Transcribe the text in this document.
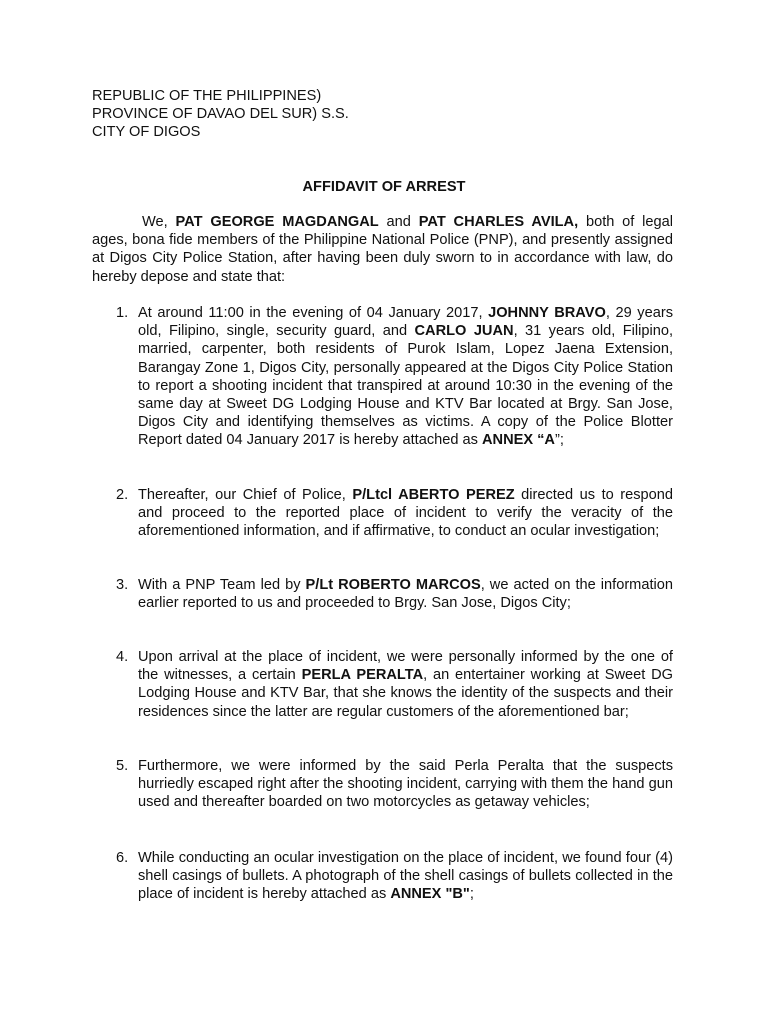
REPUBLIC OF THE PHILIPPINES)
PROVINCE OF DAVAO DEL SUR) S.S.
CITY OF DIGOS
AFFIDAVIT OF ARREST

We, PAT GEORGE MAGDANGAL and PAT CHARLES AVILA, both of legal ages, bona fide members of the Philippine National Police (PNP), and presently assigned at Digos City Police Station, after having been duly sworn to in accordance with law, do hereby depose and state that:

1. At around 11:00 in the evening of 04 January 2017, JOHNNY BRAVO, 29 years old, Filipino, single, security guard, and CARLO JUAN, 31 years old, Filipino, married, carpenter, both residents of Purok Islam, Lopez Jaena Extension, Barangay Zone 1, Digos City, personally appeared at the Digos City Police Station to report a shooting incident that transpired at around 10:30 in the evening of the same day at Sweet DG Lodging House and KTV Bar located at Brgy. San Jose, Digos City and identifying themselves as victims. A copy of the Police Blotter Report dated 04 January 2017 is hereby attached as ANNEX “A”;
2. Thereafter, our Chief of Police, P/Ltcl ABERTO PEREZ directed us to respond and proceed to the reported place of incident to verify the veracity of the aforementioned information, and if affirmative, to conduct an ocular investigation;
3. With a PNP Team led by P/Lt ROBERTO MARCOS, we acted on the information earlier reported to us and proceeded to Brgy. San Jose, Digos City;
4. Upon arrival at the place of incident, we were personally informed by the one of the witnesses, a certain PERLA PERALTA, an entertainer working at Sweet DG Lodging House and KTV Bar, that she knows the identity of the suspects and their residences since the latter are regular customers of the aforementioned bar;
5. Furthermore, we were informed by the said Perla Peralta that the suspects hurriedly escaped right after the shooting incident, carrying with them the hand gun used and thereafter boarded on two motorcycles as getaway vehicles;
6. While conducting an ocular investigation on the place of incident, we found four (4) shell casings of bullets. A photograph of the shell casings of bullets collected in the place of incident is hereby attached as ANNEX "B";
